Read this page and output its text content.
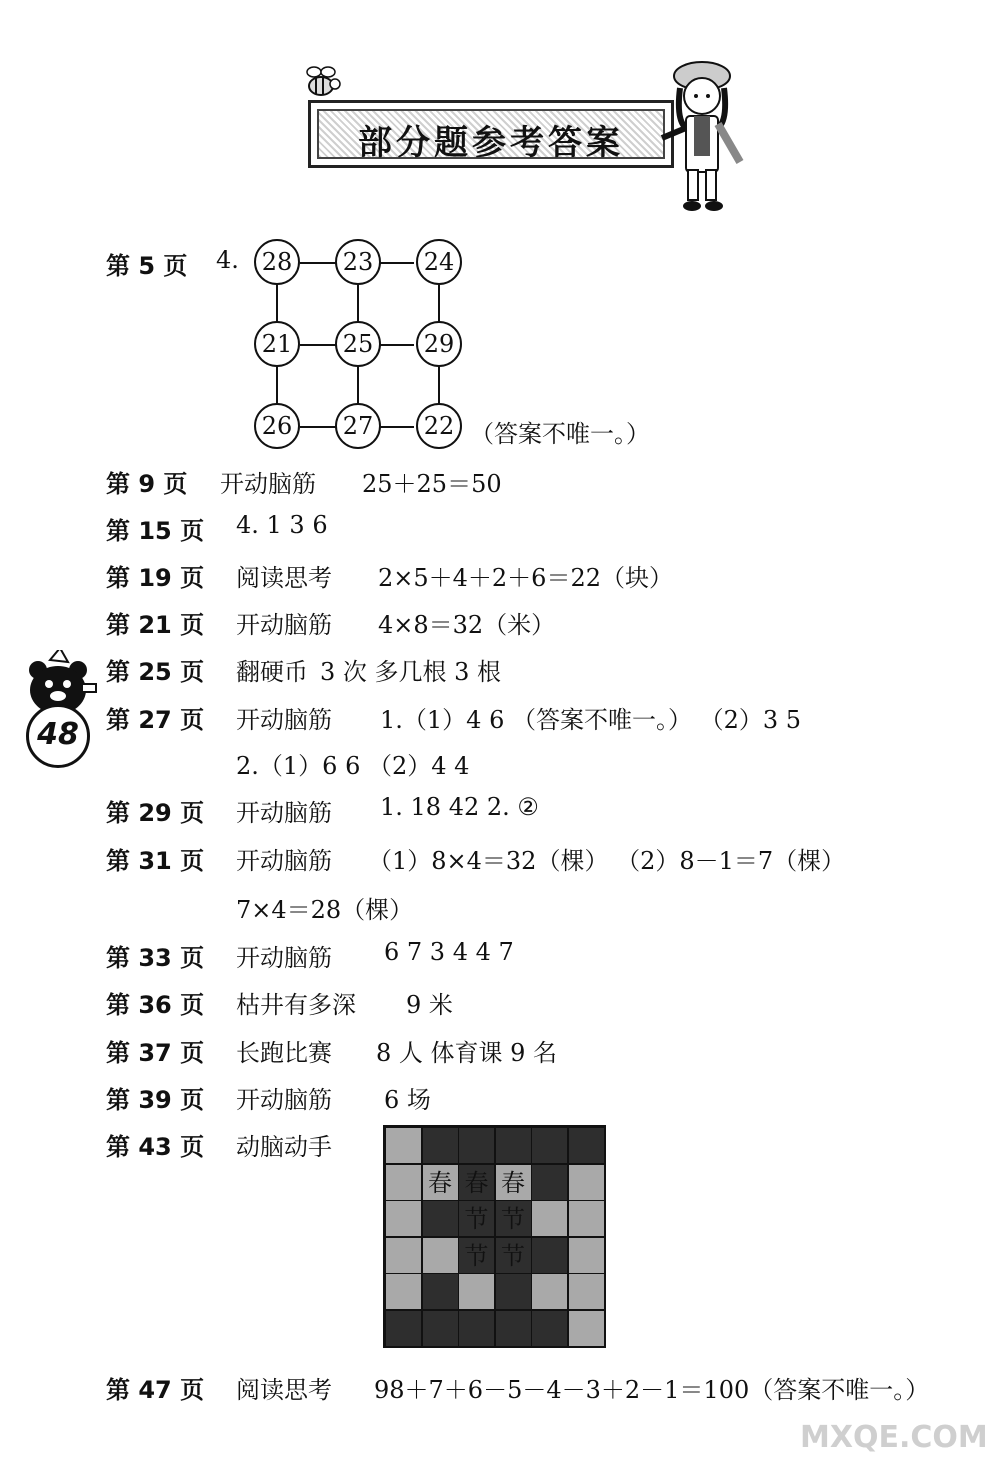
部分题参考答案
48
第 5 页 4. 28	23	24
21	25	29
26	27	22 （答案不唯一。）
第 9 页 开动脑筋 25＋25＝50
第 15 页 4. 1 3 6
第 19 页 阅读思考 2×5＋4＋2＋6＝22（块）
第 21 页 开动脑筋 4×8＝32（米）
第 25 页 翻硬币 3 次 多几根 3 根
第 27 页 开动脑筋 1.（1）4 6 （答案不唯一。） （2）3 5
2.（1）6 6 （2）4 4
第 29 页 开动脑筋 1. 18 42 2. ②
第 31 页 开动脑筋 （1）8×4＝32（棵） （2）8－1＝7（棵）
7×4＝28（棵）
第 33 页 开动脑筋 6 7 3 4 4 7
第 36 页 枯井有多深 9 米
第 37 页 长跑比赛 8 人 体育课 9 名
第 39 页 开动脑筋 6 场
第 43 页 动脑动手
春 春 春
节 节
节 节
第 47 页 阅读思考 98＋7＋6－5－4－3＋2－1＝100（答案不唯一。）
MXQE.COM
